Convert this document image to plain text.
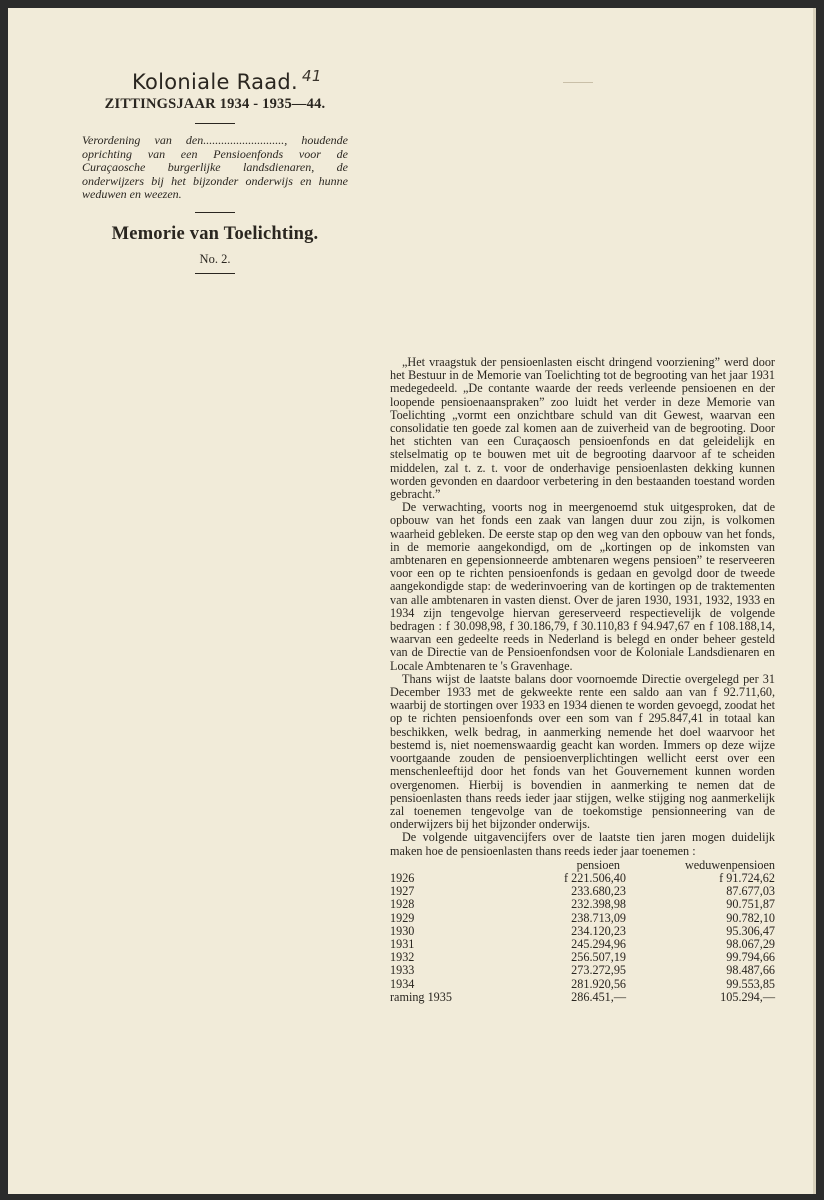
Koloniale Raad. 41
ZITTINGSJAAR 1934 - 1935—44.

Verordening van den..........................., houdende oprichting van een Pensioenfonds voor de Curaçaosche burgerlijke landsdienaren, de onderwijzers bij het bijzonder onderwijs en hunne weduwen en weezen.

Memorie van Toelichting.
No. 2.

„Het vraagstuk der pensioenlasten eischt dringend voorziening” werd door het Bestuur in de Memorie van Toelichting tot de begrooting van het jaar 1931 medegedeeld. „De contante waarde der reeds verleende pensioenen en der loopende pensioenaanspraken” zoo luidt het verder in deze Memorie van Toelichting „vormt een onzichtbare schuld van dit Gewest, waarvan een consolidatie ten goede zal komen aan de zuiverheid van de begrooting. Door het stichten van een Curaçaosch pensioenfonds en dat geleidelijk en stelselmatig op te bouwen met uit de begrooting daarvoor af te scheiden middelen, zal t. z. t. voor de onderhavige pensioenlasten dekking kunnen worden gevonden en daardoor verbetering in den bestaanden toestand worden gebracht.”

De verwachting, voorts nog in meergenoemd stuk uitgesproken, dat de opbouw van het fonds een zaak van langen duur zou zijn, is volkomen waarheid gebleken. De eerste stap op den weg van den opbouw van het fonds, in de memorie aangekondigd, om de „kortingen op de inkomsten van ambtenaren en gepensionneerde ambtenaren wegens pensioen” te reserveeren voor een op te richten pensioenfonds is gedaan en gevolgd door de tweede aangekondigde stap: de wederinvoering van de kortingen op de traktementen van alle ambtenaren in vasten dienst. Over de jaren 1930, 1931, 1932, 1933 en 1934 zijn tengevolge hiervan gereserveerd respectievelijk de volgende bedragen : f 30.098,98, f 30.186,79, f 30.110,83 f 94.947,67 en f 108.188,14, waarvan een gedeelte reeds in Nederland is belegd en onder beheer gesteld van de Directie van de Pensioenfondsen voor de Koloniale Landsdienaren en Locale Ambtenaren te 's Gravenhage.

Thans wijst de laatste balans door voornoemde Directie overgelegd per 31 December 1933 met de gekweekte rente een saldo aan van f 92.711,60, waarbij de stortingen over 1933 en 1934 dienen te worden gevoegd, zoodat het op te richten pensioenfonds over een som van f 295.847,41 in totaal kan beschikken, welk bedrag, in aanmerking nemende het doel waarvoor het bestemd is, niet noemenswaardig geacht kan worden. Immers op deze wijze voortgaande zouden de pensioenverplichtingen wellicht eerst over een menschenleeftijd door het fonds van het Gouvernement kunnen worden overgenomen. Hierbij is bovendien in aanmerking te nemen dat de pensioenlasten thans reeds ieder jaar stijgen, welke stijging nog aanmerkelijk zal toenemen tengevolge van de toekomstige pensionneering van de onderwijzers bij het bijzonder onderwijs.

De volgende uitgavencijfers over de laatste tien jaren mogen duidelijk maken hoe de pensioenlasten thans reeds ieder jaar toenemen :

	pensioen	weduwenpensioen
1926	f 221.506,40	f 91.724,62
1927	233.680,23	87.677,03
1928	232.398,98	90.751,87
1929	238.713,09	90.782,10
1930	234.120,23	95.306,47
1931	245.294,96	98.067,29
1932	256.507,19	99.794,66
1933	273.272,95	98.487,66
1934	281.920,56	99.553,85
raming 1935	286.451,—	105.294,—
